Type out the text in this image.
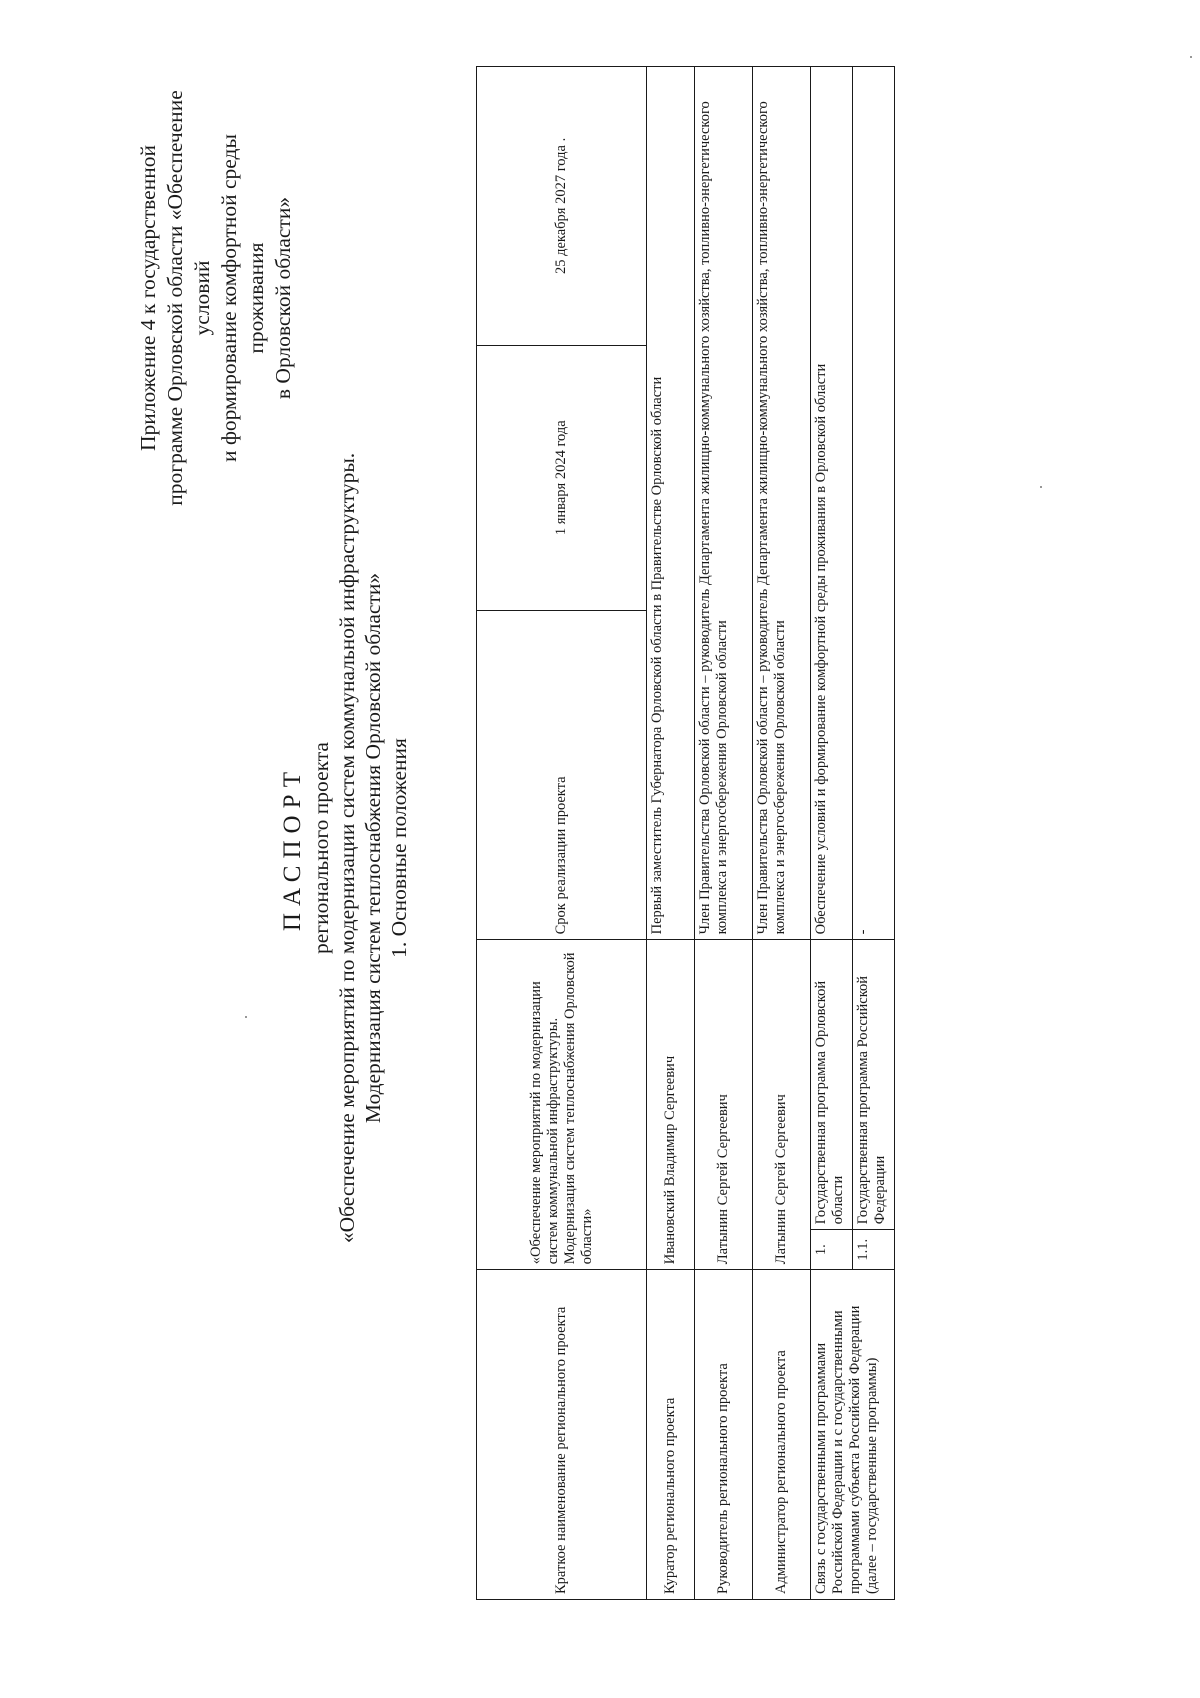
Приложение 4 к государственной программе Орловской области «Обеспечение условий и формирование комфортной среды проживания в Орловской области»

ПАСПОРТ регионального проекта «Обеспечение мероприятий по модернизации систем коммунальной инфраструктуры. Модернизация систем теплоснабжения Орловской области» 1. Основные положения

Краткое наименование регионального проекта	«Обеспечение мероприятий по модернизации систем коммунальной инфраструктуры. Модернизация систем теплоснабжения Орловской области»		Срок реализации проекта	1 января 2024 года	25 декабря 2027 года .
Куратор регионального проекта	Ивановский Владимир Сергеевич		Первый заместитель Губернатора Орловской области в Правительстве Орловской области		
Руководитель регионального проекта	Латынин Сергей Сергеевич		Член Правительства Орловской области – руководитель Департамента жилищно-коммунального хозяйства, топливно-энергетического комплекса и энергосбережения Орловской области		
Администратор регионального проекта	Латынин Сергей Сергеевич		Член Правительства Орловской области – руководитель Департамента жилищно-коммунального хозяйства, топливно-энергетического комплекса и энергосбережения Орловской области		
Связь с государственными программами Российской Федерации и с государственными программами субъекта Российской Федерации (далее – государственные программы)	1.	Государственная программа Орловской области	Обеспечение условий и формирование комфортной среды проживания в Орловской области		
	1.1.	Государственная программа Российской Федерации	-		
